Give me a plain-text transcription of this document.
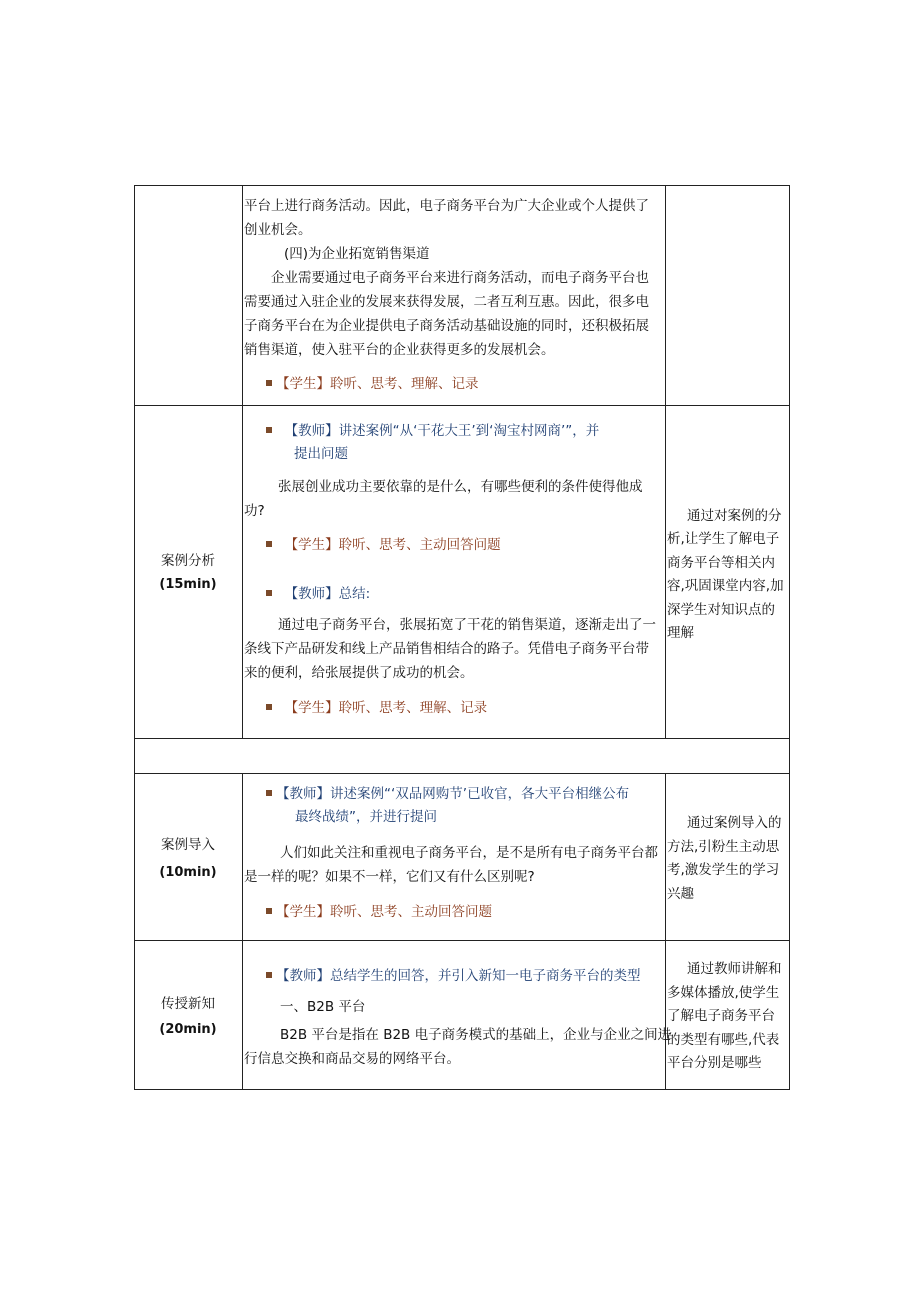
平台上进行商务活动。因此，电子商务平台为广大企业或个人提供了
创业机会。
(四)为企业拓宽销售渠道
企业需要通过电子商务平台来进行商务活动，而电子商务平台也
需要通过入驻企业的发展来获得发展，二者互利互惠。因此，很多电
子商务平台在为企业提供电子商务活动基础设施的同时，还积极拓展
销售渠道，使入驻平台的企业获得更多的发展机会。
【学生】聆听、思考、理解、记录
案例分析
(15min)
【教师】讲述案例“从‘干花大王’到‘淘宝村网商’”，并
提出问题
张展创业成功主要依靠的是什么，有哪些便利的条件使得他成
功?
【学生】聆听、思考、主动回答问题
【教师】总结:
通过电子商务平台，张展拓宽了干花的销售渠道，逐渐走出了一
条线下产品研发和线上产品销售相结合的路子。凭借电子商务平台带
来的便利，给张展提供了成功的机会。
【学生】聆听、思考、理解、记录
通过对案例的分
析,让学生了解电子
商务平台等相关内
容,巩固课堂内容,加
深学生对知识点的
理解
案例导入
(10min)
【教师】讲述案例“‘双品网购节’已收官，各大平台相继公布
最终战绩”，并进行提问
人们如此关注和重视电子商务平台，是不是所有电子商务平台都
是一样的呢？如果不一样，它们又有什么区别呢?
【学生】聆听、思考、主动回答问题
通过案例导入的
方法,引粉生主动思
考,激发学生的学习
兴趣
传授新知
(20min)
【教师】总结学生的回答，并引入新知一电子商务平台的类型
一、B2B 平台
B2B 平台是指在 B2B 电子商务模式的基础上，企业与企业之间进
行信息交换和商品交易的网络平台。
通过教师讲解和
多媒体播放,使学生
了解电子商务平台
的类型有哪些,代表
平台分别是哪些
